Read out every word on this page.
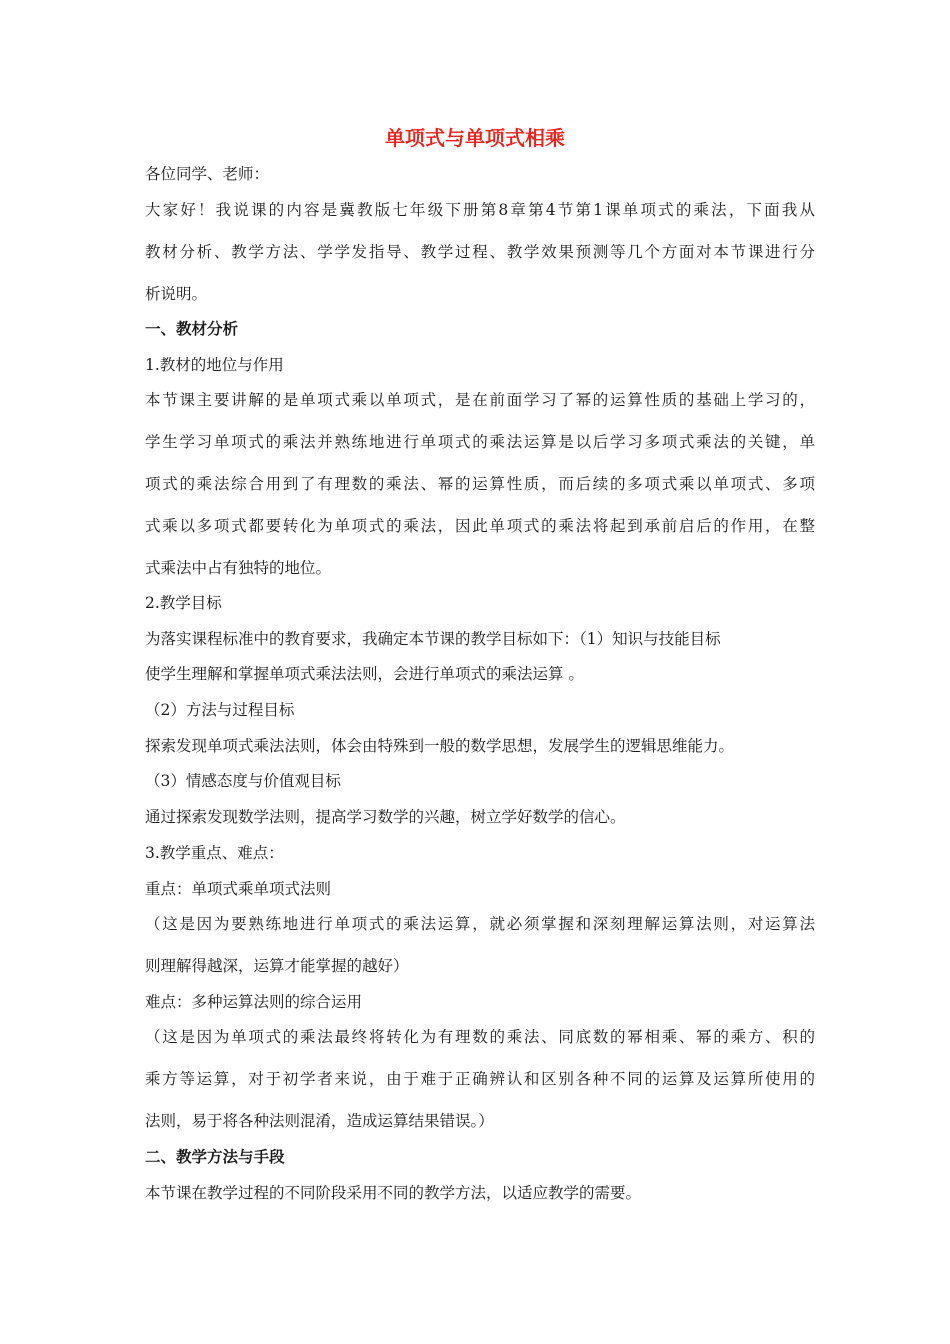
单项式与单项式相乘
各位同学、老师：
大家好！我说课的内容是冀教版七年级下册第8章第4节第1课单项式的乘法，下面我从
教材分析、教学方法、学学发指导、教学过程、教学效果预测等几个方面对本节课进行分
析说明。
一、教材分析
1.教材的地位与作用
本节课主要讲解的是单项式乘以单项式，是在前面学习了幂的运算性质的基础上学习的，
学生学习单项式的乘法并熟练地进行单项式的乘法运算是以后学习多项式乘法的关键，单
项式的乘法综合用到了有理数的乘法、幂的运算性质，而后续的多项式乘以单项式、多项
式乘以多项式都要转化为单项式的乘法，因此单项式的乘法将起到承前启后的作用，在整
式乘法中占有独特的地位。
2.教学目标
为落实课程标准中的教育要求，我确定本节课的教学目标如下：（1）知识与技能目标
使学生理解和掌握单项式乘法法则，会进行单项式的乘法运算 。
（2）方法与过程目标
探索发现单项式乘法法则，体会由特殊到一般的数学思想，发展学生的逻辑思维能力。
（3）情感态度与价值观目标
通过探索发现数学法则，提高学习数学的兴趣，树立学好数学的信心。
3.教学重点、难点：
重点：单项式乘单项式法则
（这是因为要熟练地进行单项式的乘法运算，就必须掌握和深刻理解运算法则，对运算法
则理解得越深，运算才能掌握的越好）
难点：多种运算法则的综合运用
（这是因为单项式的乘法最终将转化为有理数的乘法、同底数的幂相乘、幂的乘方、积的
乘方等运算，对于初学者来说，由于难于正确辨认和区别各种不同的运算及运算所使用的
法则，易于将各种法则混淆，造成运算结果错误。）
二、教学方法与手段
本节课在教学过程的不同阶段采用不同的教学方法，以适应教学的需要。
